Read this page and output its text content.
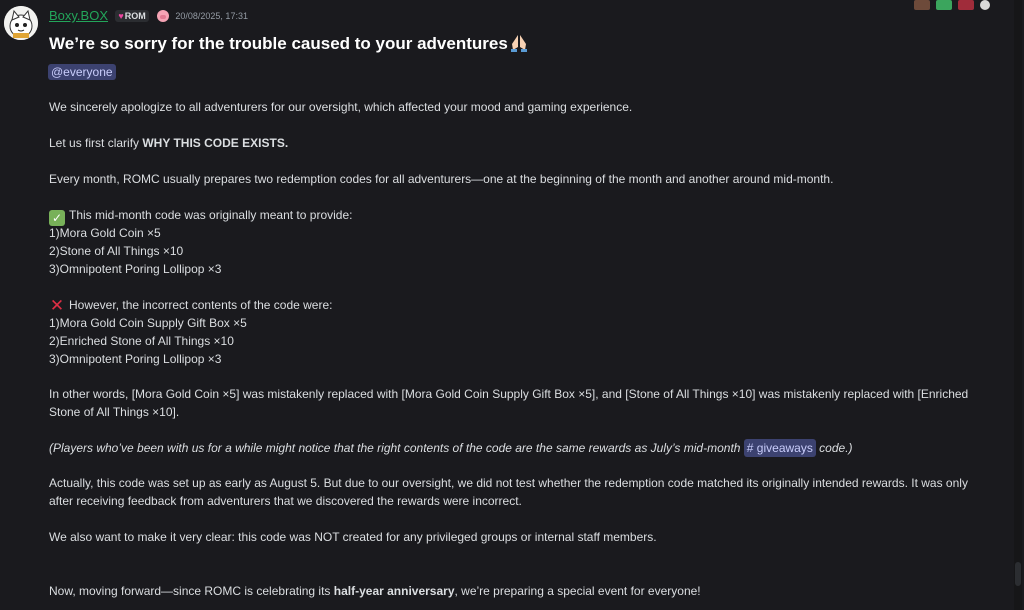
Boxy.BOX ♥ROM	20/08/2025, 17:31
We’re so sorry for the trouble caused to your adventures
@everyone

We sincerely apologize to all adventurers for our oversight, which affected your mood and gaming experience.

Let us first clarify WHY THIS CODE EXISTS.

Every month, ROMC usually prepares two redemption codes for all adventurers—one at the beginning of the month and another around mid-month.

✓ This mid-month code was originally meant to provide:

1)Mora Gold Coin ×5

2)Stone of All Things ×10

3)Omnipotent Poring Lollipop ×3

✕ However, the incorrect contents of the code were:

1)Mora Gold Coin Supply Gift Box ×5

2)Enriched Stone of All Things ×10

3)Omnipotent Poring Lollipop ×3

In other words, [Mora Gold Coin ×5] was mistakenly replaced with [Mora Gold Coin Supply Gift Box ×5], and [Stone of All Things ×10] was mistakenly replaced with [Enriched Stone of All Things ×10].

(Players who’ve been with us for a while might notice that the right contents of the code are the same rewards as July’s mid-month # giveaways code.)

Actually, this code was set up as early as August 5. But due to our oversight, we did not test whether the redemption code matched its originally intended rewards. It was only after receiving feedback from adventurers that we discovered the rewards were incorrect.

We also want to make it very clear: this code was NOT created for any privileged groups or internal staff members.

Now, moving forward—since ROMC is celebrating its half-year anniversary, we’re preparing a special event for everyone!
